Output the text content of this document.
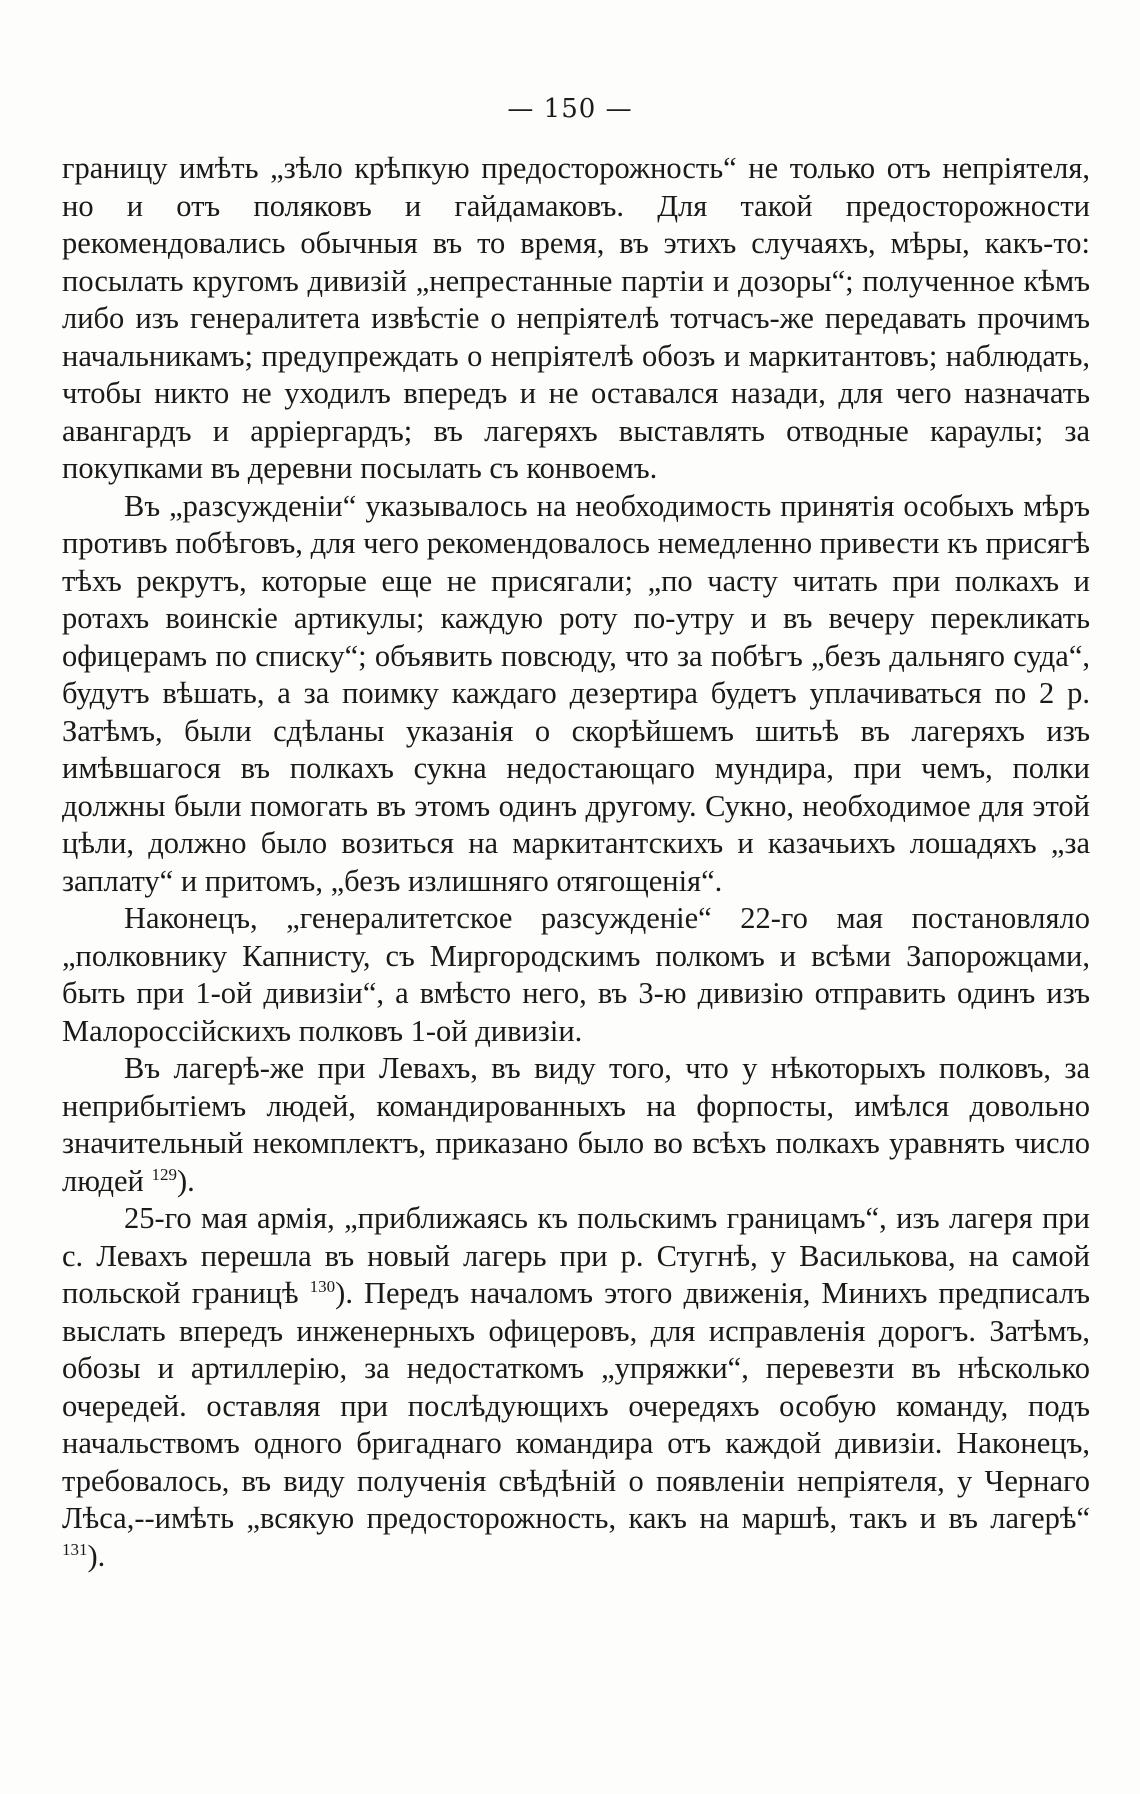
— 150 —

границу имѣть „зѣло крѣпкую предосторожность“ не только отъ непріятеля, но и отъ поляковъ и гайдамаковъ. Для такой предосторожности рекомендовались обычныя въ то время, въ этихъ случаяхъ, мѣры, какъ-то: посылать кругомъ дивизій „непрестанные партіи и дозоры“; полученное кѣмъ либо изъ генералитета извѣстіе о непріятелѣ тотчасъ-же передавать прочимъ начальникамъ; предупреждать о непріятелѣ обозъ и маркитантовъ; наблюдать, чтобы никто не уходилъ впередъ и не оставался назади, для чего назначать авангардъ и арріергардъ; въ лагеряхъ выставлять отводные караулы; за покупками въ деревни посылать съ конвоемъ.

Въ „разсужденіи“ указывалось на необходимость принятія особыхъ мѣръ противъ побѣговъ, для чего рекомендовалось немедленно привести къ присягѣ тѣхъ рекрутъ, которые еще не присягали; „по часту читать при полкахъ и ротахъ воинскіе артикулы; каждую роту по-утру и въ вечеру перекликать офицерамъ по списку“; объявить повсюду, что за побѣгъ „безъ дальняго суда“, будутъ вѣшать, а за поимку каждаго дезертира будетъ уплачиваться по 2 р. Затѣмъ, были сдѣланы указанія о скорѣйшемъ шитьѣ въ лагеряхъ изъ имѣвшагося въ полкахъ сукна недостающаго мундира, при чемъ, полки должны были помогать въ этомъ одинъ другому. Сукно, необходимое для этой цѣли, должно было возиться на маркитантскихъ и казачьихъ лошадяхъ „за заплату“ и притомъ, „безъ излишняго отягощенія“.

Наконецъ, „генералитетское разсужденіе“ 22-го мая постановляло „полковнику Капнисту, съ Миргородскимъ полкомъ и всѣми Запорожцами, быть при 1-ой дивизіи“, а вмѣсто него, въ 3-ю дивизію отправить одинъ изъ Малороссійскихъ полковъ 1-ой дивизіи.

Въ лагерѣ-же при Левахъ, въ виду того, что у нѣкоторыхъ полковъ, за неприбытіемъ людей, командированныхъ на форпосты, имѣлся довольно значительный некомплектъ, приказано было во всѣхъ полкахъ уравнять число людей $^{129}$).

25-го мая армія, „приближаясь къ польскимъ границамъ“, изъ лагеря при с. Левахъ перешла въ новый лагерь при р. Стугнѣ, у Василькова, на самой польской границѣ $^{130}$). Передъ началомъ этого движенія, Минихъ предписалъ выслать впередъ инженерныхъ офицеровъ, для исправленія дорогъ. Затѣмъ, обозы и артиллерію, за недостаткомъ „упряжки“, перевезти въ нѣсколько очередей. оставляя при послѣдующихъ очередяхъ особую команду, подъ начальствомъ одного бригаднаго командира отъ каждой дивизіи. Наконецъ, требовалось, въ виду полученія свѣдѣній о появленіи непріятеля, у Чернаго Лѣса,--имѣть „всякую предосторожность, какъ на маршѣ, такъ и въ лагерѣ“ $^{131}$).
